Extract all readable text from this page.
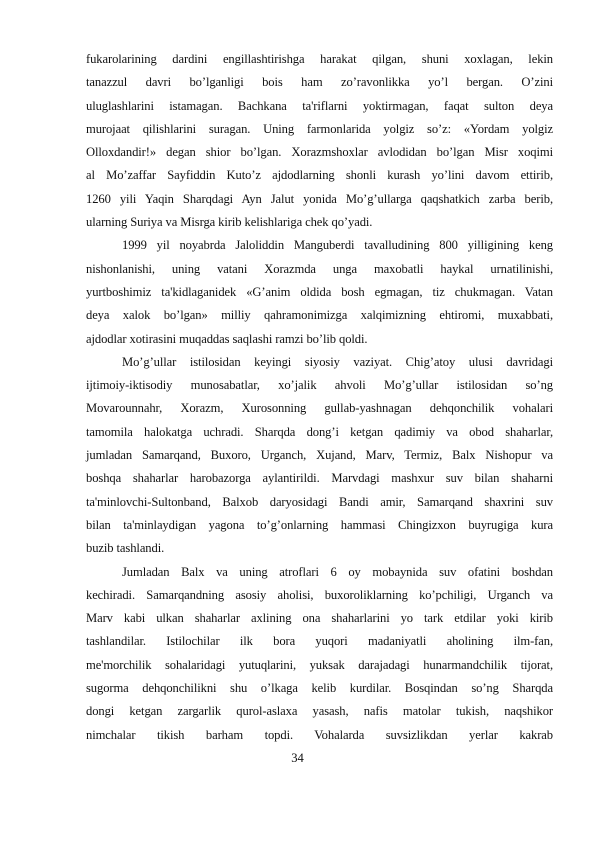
fukarolarining dardini engillashtirishga harakat qilgan, shuni xoxlagan, lekin
tanazzul davri bo’lganligi bois ham zo’ravonlikka yo’l bergan. O’zini
uluglashlarini istamagan. Bachkana ta'riflarni yoktirmagan, faqat sulton deya
murojaat qilishlarini suragan. Uning farmonlarida yolgiz so’z: «Yordam yolgiz
Olloxdandir!» degan shior bo’lgan. Xorazmshoxlar avlodidan bo’lgan Misr xoqimi
al Mo’zaffar Sayfiddin Kuto’z ajdodlarning shonli kurash yo’lini davom ettirib,
1260 yili Yaqin Sharqdagi Ayn Jalut yonida Mo’g’ullarga qaqshatkich zarba berib,
ularning Suriya va Misrga kirib kelishlariga chek qo’yadi.
1999 yil noyabrda Jaloliddin Manguberdi tavalludining 800 yilligining keng
nishonlanishi, uning vatani Xorazmda unga maxobatli haykal urnatilinishi,
yurtboshimiz ta'kidlaganidek «G’anim oldida bosh egmagan, tiz chukmagan. Vatan
deya xalok bo’lgan» milliy qahramonimizga xalqimizning ehtiromi, muxabbati,
ajdodlar xotirasini muqaddas saqlashi ramzi bo’lib qoldi.
Mo’g’ullar istilosidan keyingi siyosiy vaziyat. Chig’atoy ulusi davridagi
ijtimoiy-iktisodiy munosabatlar, xo’jalik ahvoli Mo’g’ullar istilosidan so’ng
Movarounnahr, Xorazm, Xurosonning gullab-yashnagan dehqonchilik vohalari
tamomila halokatga uchradi. Sharqda dong’i ketgan qadimiy va obod shaharlar,
jumladan Samarqand, Buxoro, Urganch, Xujand, Marv, Termiz, Balx Nishopur va
boshqa shaharlar harobazorga aylantirildi. Marvdagi mashxur suv bilan shaharni
ta'minlovchi-Sultonband, Balxob daryosidagi Bandi amir, Samarqand shaxrini suv
bilan ta'minlaydigan yagona to’g’onlarning hammasi Chingizxon buyrugiga kura
buzib tashlandi.
Jumladan Balx va uning atroflari 6 oy mobaynida suv ofatini boshdan
kechiradi. Samarqandning asosiy aholisi, buxoroliklarning ko’pchiligi, Urganch va
Marv kabi ulkan shaharlar axlining ona shaharlarini yo tark etdilar yoki kirib
tashlandilar. Istilochilar ilk bora yuqori madaniyatli aholining ilm-fan,
me'morchilik sohalaridagi yutuqlarini, yuksak darajadagi hunarmandchilik tijorat,
sugorma dehqonchilikni shu o’lkaga kelib kurdilar. Bosqindan so’ng Sharqda
dongi ketgan zargarlik qurol-aslaxa yasash, nafis matolar tukish, naqshikor
nimchalar tikish barham topdi. Vohalarda suvsizlikdan yerlar kakrab
34
